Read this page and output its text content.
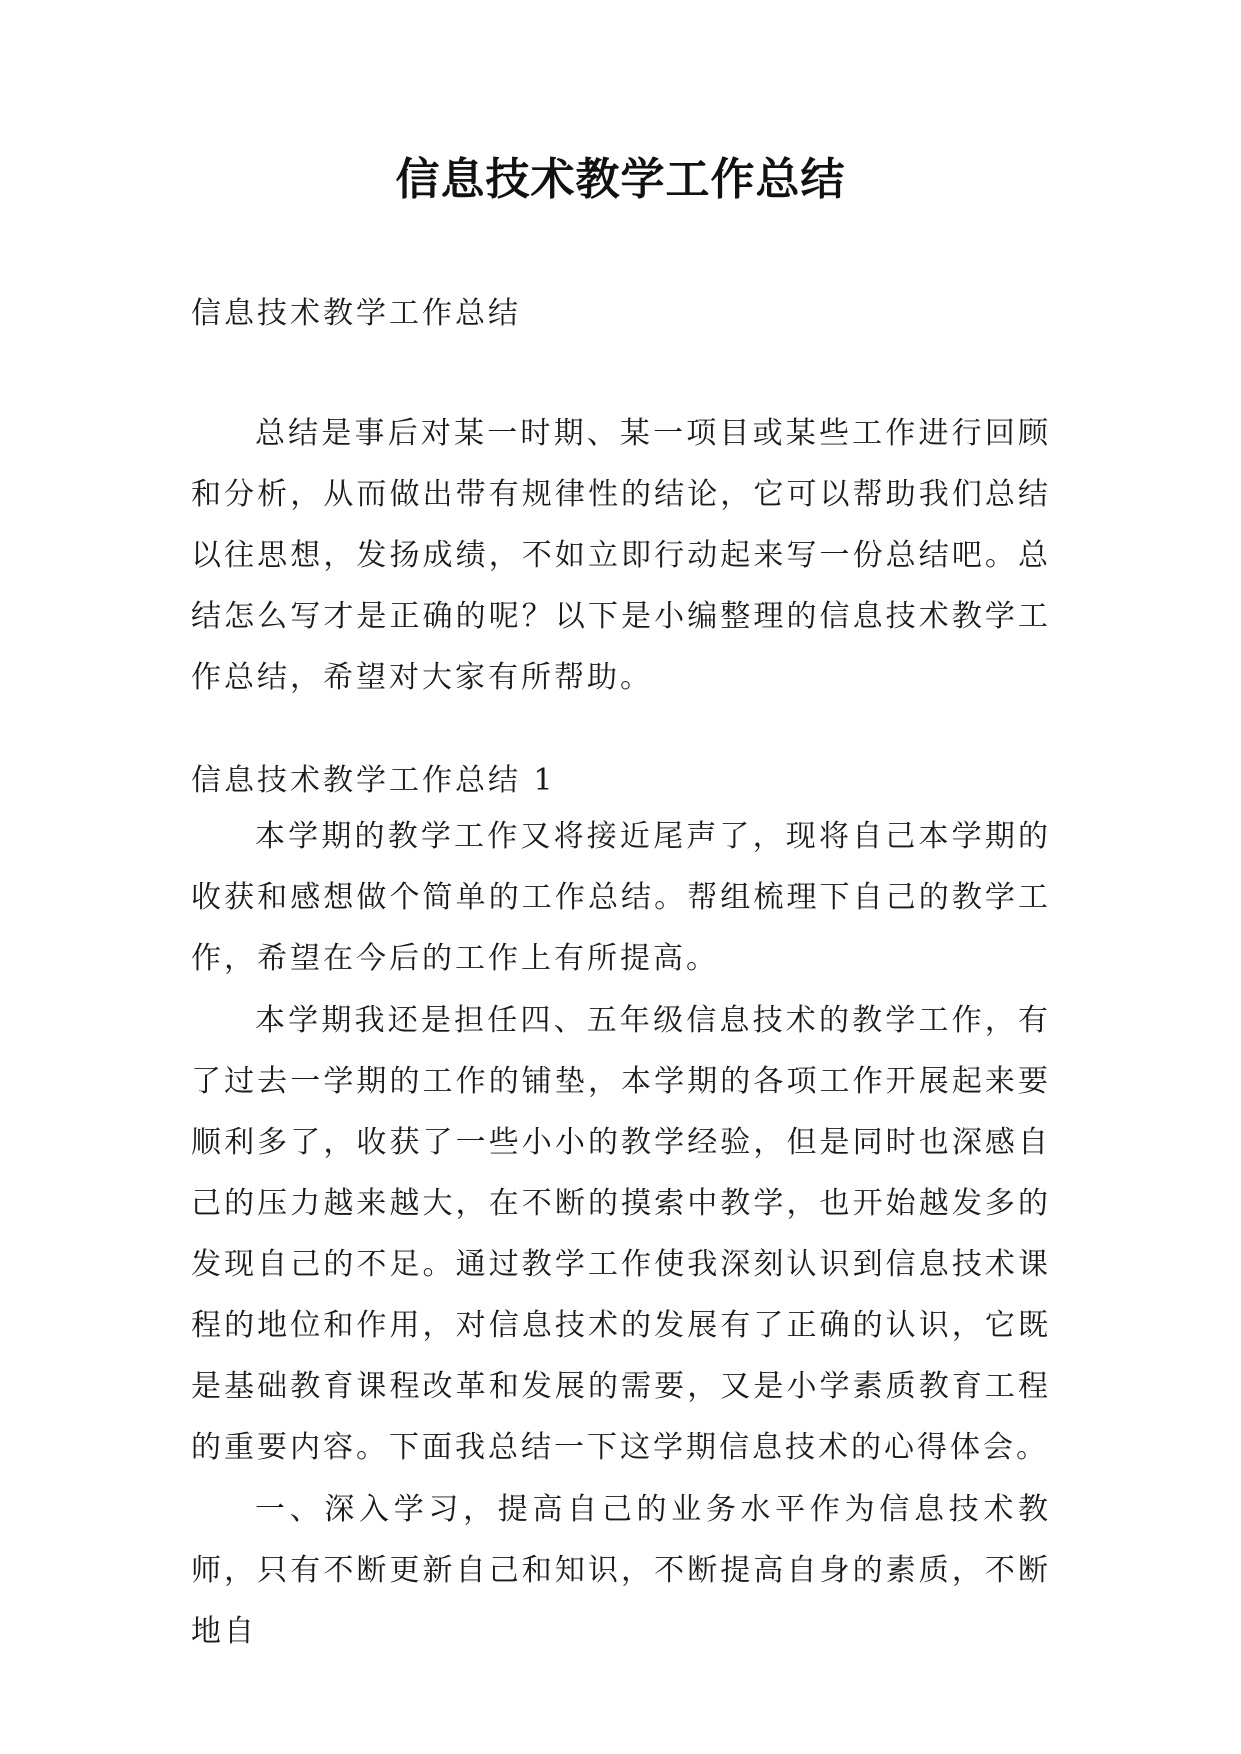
信息技术教学工作总结
信息技术教学工作总结
总结是事后对某一时期、某一项目或某些工作进行回顾和分析，从而做出带有规律性的结论，它可以帮助我们总结以往思想，发扬成绩，不如立即行动起来写一份总结吧。总结怎么写才是正确的呢？以下是小编整理的信息技术教学工作总结，希望对大家有所帮助。
信息技术教学工作总结 1
本学期的教学工作又将接近尾声了，现将自己本学期的收获和感想做个简单的工作总结。帮组梳理下自己的教学工作，希望在今后的工作上有所提高。
本学期我还是担任四、五年级信息技术的教学工作，有了过去一学期的工作的铺垫，本学期的各项工作开展起来要顺利多了，收获了一些小小的教学经验，但是同时也深感自己的压力越来越大，在不断的摸索中教学，也开始越发多的发现自己的不足。通过教学工作使我深刻认识到信息技术课程的地位和作用，对信息技术的发展有了正确的认识，它既是基础教育课程改革和发展的需要，又是小学素质教育工程的重要内容。下面我总结一下这学期信息技术的心得体会。
一、深入学习，提高自己的业务水平作为信息技术教师，只有不断更新自己和知识，不断提高自身的素质，不断地自
